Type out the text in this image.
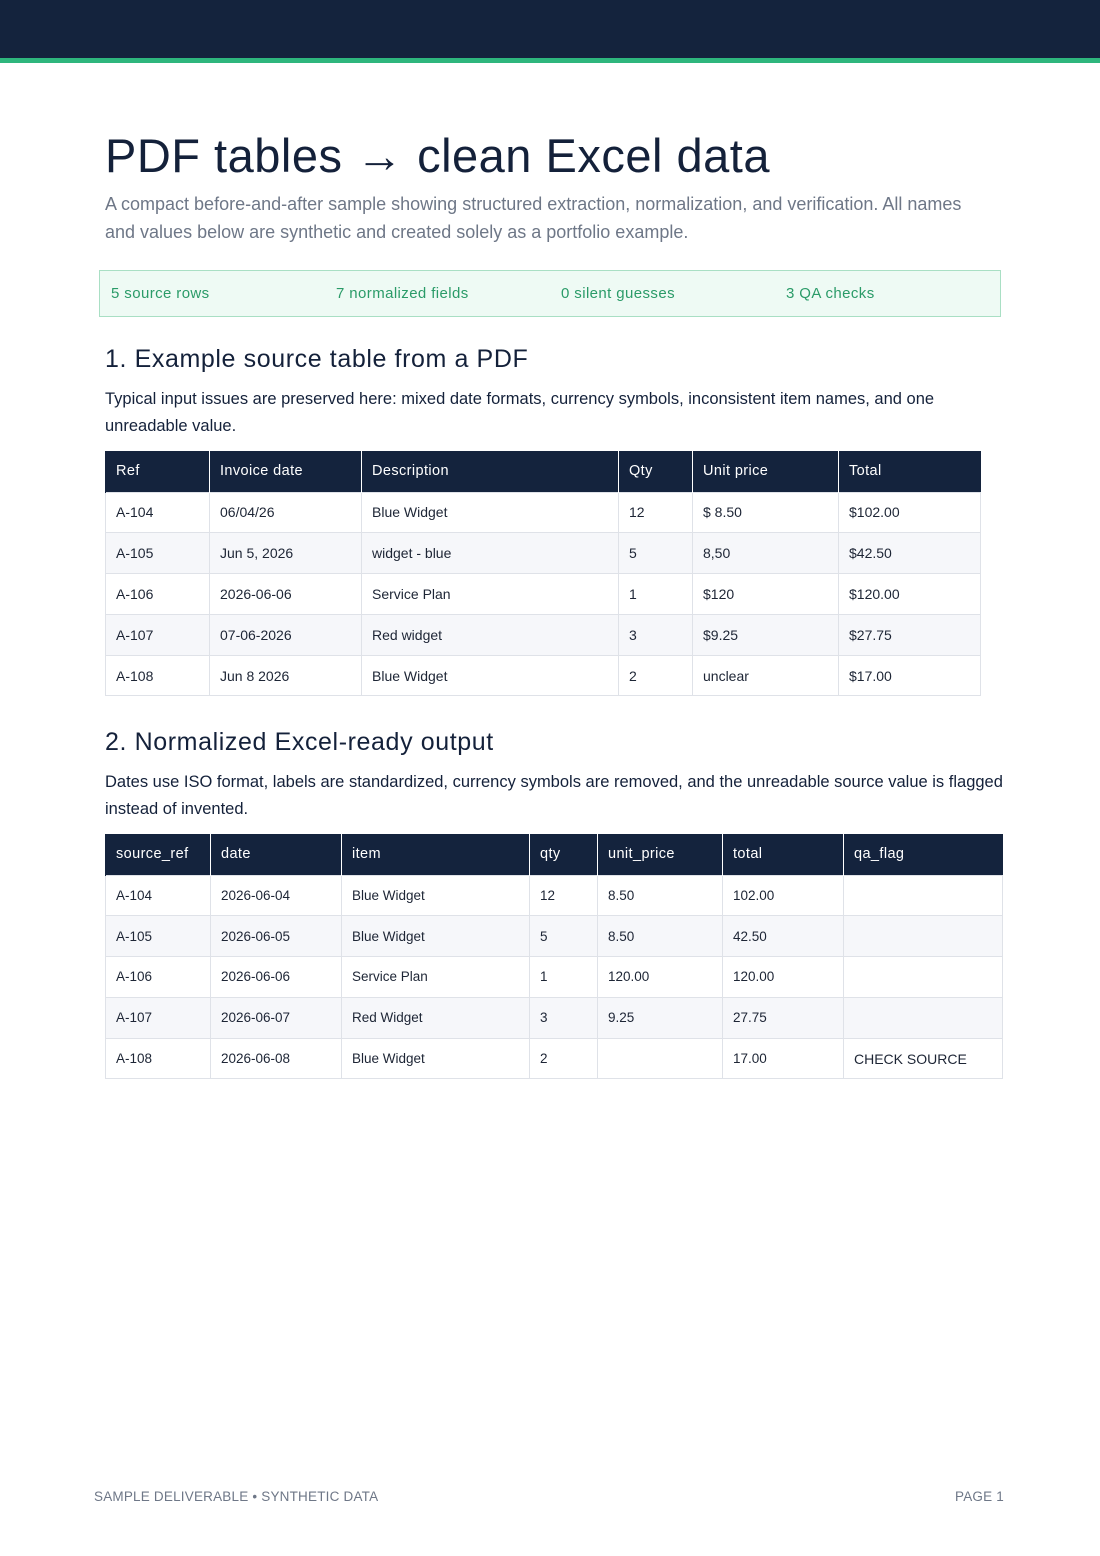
PDF tables → clean Excel data

A compact before-and-after sample showing structured extraction, normalization, and verification. All names and values below are synthetic and created solely as a portfolio example.

5 source rows	7 normalized fields	0 silent guesses	3 QA checks
1. Example source table from a PDF

Typical input issues are preserved here: mixed date formats, currency symbols, inconsistent item names, and one unreadable value.

Ref	Invoice date	Description	Qty	Unit price	Total
A-104	06/04/26	Blue Widget	12	$ 8.50	$102.00
A-105	Jun 5, 2026	widget - blue	5	8,50	$42.50
A-106	2026-06-06	Service Plan	1	$120	$120.00
A-107	07-06-2026	Red widget	3	$9.25	$27.75
A-108	Jun 8 2026	Blue Widget	2	unclear	$17.00
2. Normalized Excel-ready output

Dates use ISO format, labels are standardized, currency symbols are removed, and the unreadable source value is flagged instead of invented.

source_ref	date	item	qty	unit_price	total	qa_flag
A-104	2026-06-04	Blue Widget	12	8.50	102.00	
A-105	2026-06-05	Blue Widget	5	8.50	42.50	
A-106	2026-06-06	Service Plan	1	120.00	120.00	
A-107	2026-06-07	Red Widget	3	9.25	27.75	
A-108	2026-06-08	Blue Widget	2		17.00	CHECK SOURCE
SAMPLE DELIVERABLE • SYNTHETIC DATA	PAGE 1
